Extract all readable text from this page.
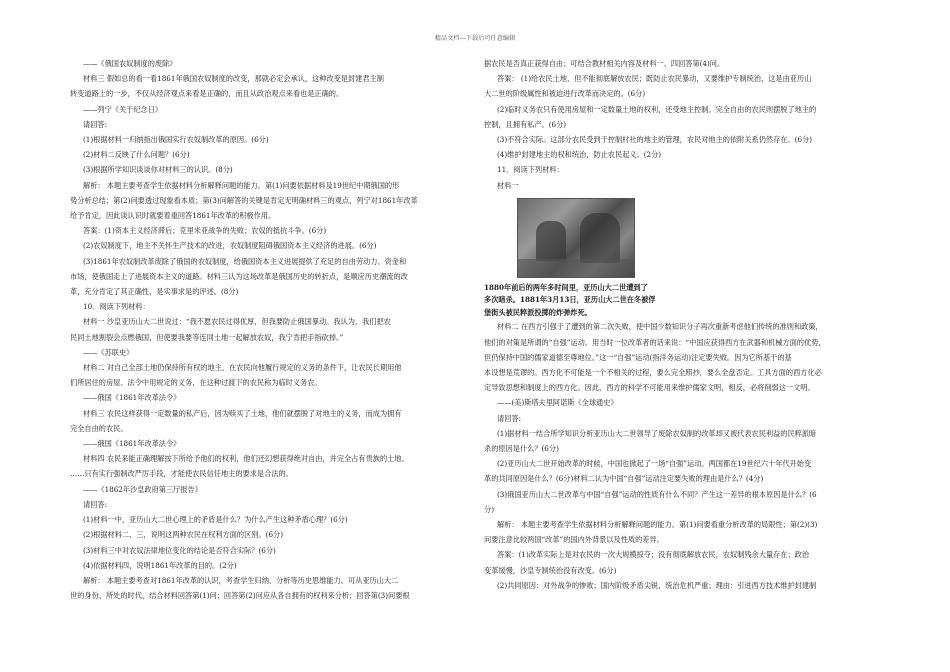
精品文档---下载后可任意编辑

——《俄国农奴制度的废除》

材料三 假如总的看一看1861年俄国农奴制度的改变，那就必定会承认，这种改变是封建君主制

转变道路上的一步，不仅从经济观点来看是正确的，而且从政治观点来看也是正确的。

——列宁《关于纪念日》

请回答:

(1)根据材料一归纳指出俄国实行农奴制改革的原因。(6分)

(2)材料二反映了什么问题？(6分)

(3)根据所学知识谈谈你对材料三的认识。(8分)

解析： 本题主要考查学生依据材料分析解释问题的能力。第(1)问要依据材料及19世纪中期俄国的形

势分析总结；第(2)问要透过现象看本质；第(3)问解答的关键是肯定无明确材料三的观点，列宁对1861年改革

给予肯定，因此谈认识时就要着重回答1861年改革的积极作用。

答案：(1)资本主义经济滞后；克里米亚战争的失败；农奴的抵抗斗争。(6分)

(2)农奴制度下，地主不关怀生产技术的改进，农奴制度阻碍俄国资本主义经济的进展。(6分)

(3)1861年农奴制改革废除了俄国的农奴制度，给俄国资本主义进展提供了充足的自由劳动力、资金和

市场，使俄国走上了进展资本主义的道路。材料三认为这场改革是俄国历史的转折点，是顺应历史潮流的改

革，充分肯定了其正确性，是实事求是的评述。(8分)

10．阅读下列材料：

材料一 沙皇亚历山大二世说过：“我不愿农民过得优厚，但我要防止俄国暴动。我认为，我们把农

民同土地割裂会点燃俄国，但使要我要等连同土地一起解放农奴，我宁肯把手指砍掉。”

——《苏联史》

材料二 对自己全部土地仍保持所有权的地主，在农民向他履行规定的义务的条件下，让农民长期用他

们所居住的房屋、法令中用规定的义务，在这种过渡下的农民称为临时义务农。

——俄国《1861年改革法令》

材料三 农民这样获得一定数量的私产后，因为赎买了土地，他们就摆脱了对地主的义务，而成为拥有

完全自由的农民。

——俄国《1861年改革法令》

材料四 农民来能正确理解按下所给予他们的权利，他们还幻想获得绝对自由，并完全占有贵族的土地。

……只有实行强制改严厉手段，才能使农民信任地主的要求是合法的。

——《1862年沙皇政府第三厅报告》

请回答:

(1)材料一中，亚历山大二世心理上的矛盾是什么？为什么产生这种矛盾心理？(6分)

(2)根据材料二、三，说明这两种农民在权利方面的区别。(6分)

(3)材料三中对农奴法律地位变化的结论是否符合实际？(6分)

(4)依据材料四，说明1861年改革的目的。(2分)

解析： 本题主要考查对1861年改革的认识，考查学生归纳、分析等历史思维能力。可从亚历山大二

世的身份、所处的时代，结合材料回答第(1)问；回答第(2)问应从各自拥有的权利来分析；回答第(3)问要根

据农民是否真正获得自由；可结合教材相关内容及材料一、四回答第(4)问。

答案： (1)给农民土地，但不能彻底解放农民；既防止农民暴动，又要维护专制统治，这是由亚历山

大二世的阶级属性和被迫进行改革而决定的。(6分)

(2)临时义务农只有使用房屋和一定数量土地的权利，还受地主控制。完全自由的农民则摆脱了地主的

控制，且拥有私产。(6分)

(3)不符合实际。这部分农民受到于控制村社的地主的管理，农民对地主的依附关系仍然存在。(6分)

(4)维护封建地主的权和统治，防止农民起义。(2分)

11．阅读下列材料：

材料一

1880年前后的两年多时间里，亚历山大二世遭到了

多次暗杀。1881年3月13日，亚历山大二世在冬被俘

堡街头被民粹派投掷的炸弹炸死。

材料二 在西方引强于了遭到的第二次失败，使中国少数知识分子再次重新考虑他们传统的准则和政策，

他们的对策是所谓的“自强”运动。用当时一位改革者的话来说：“中国应获得西方在武器和机械方面的优势，

但仍保持中国的儒家道德至尊地位。”这一“自强”运动(指洋务运动)注定要失败。因为它所基于的基

本设想是荒谬的。西方化不可能是一个不相关的过程，要么完全照抄，要么全盘否定。工具方面的西方化必

定导致思想和制度上的西方化。因此，西方的科学不可能用来维护儒家文明，相反，必将削弱这一文明。

——(美)斯塔夫里阿诺斯《全球通史》

请回答:

(1)据材料一结合所学知识分析亚历山大二世领导了废除农奴制的改革却又被代表农民利益的民粹派暗

杀的原因是什么？(6分)

(2)亚历山大二世开始改革的时候，中国也掀起了一场“自强”运动。两国都在19世纪六十年代开始变

革的共同原因是什么？(6分)材料二认为中国“自强”运动注定要失败的理由是什么？(4分)

(3)俄国亚历山大二世改革与中国“自强”运动的性质有什么不同？产生这一差异的根本原因是什么？(6

分)

解析： 本题主要考查学生依据材料分析解释问题的能力。第(1)问要看重分析改革的局限性；第(2)(3)

问要注意比较两国“改革”的国内外背景以及性质的差异。

答案：(1)改革实际上是对农民的一次大规模掠夺；没有彻底解放农民，农奴制残余大量存在；政治

变革缓慢，沙皇专制统治没有改变。(6分)

(2)共同原因：对外战争的惨败；国内阶级矛盾尖锐，统治危机严重；理由：引进西方技术维护封建制
